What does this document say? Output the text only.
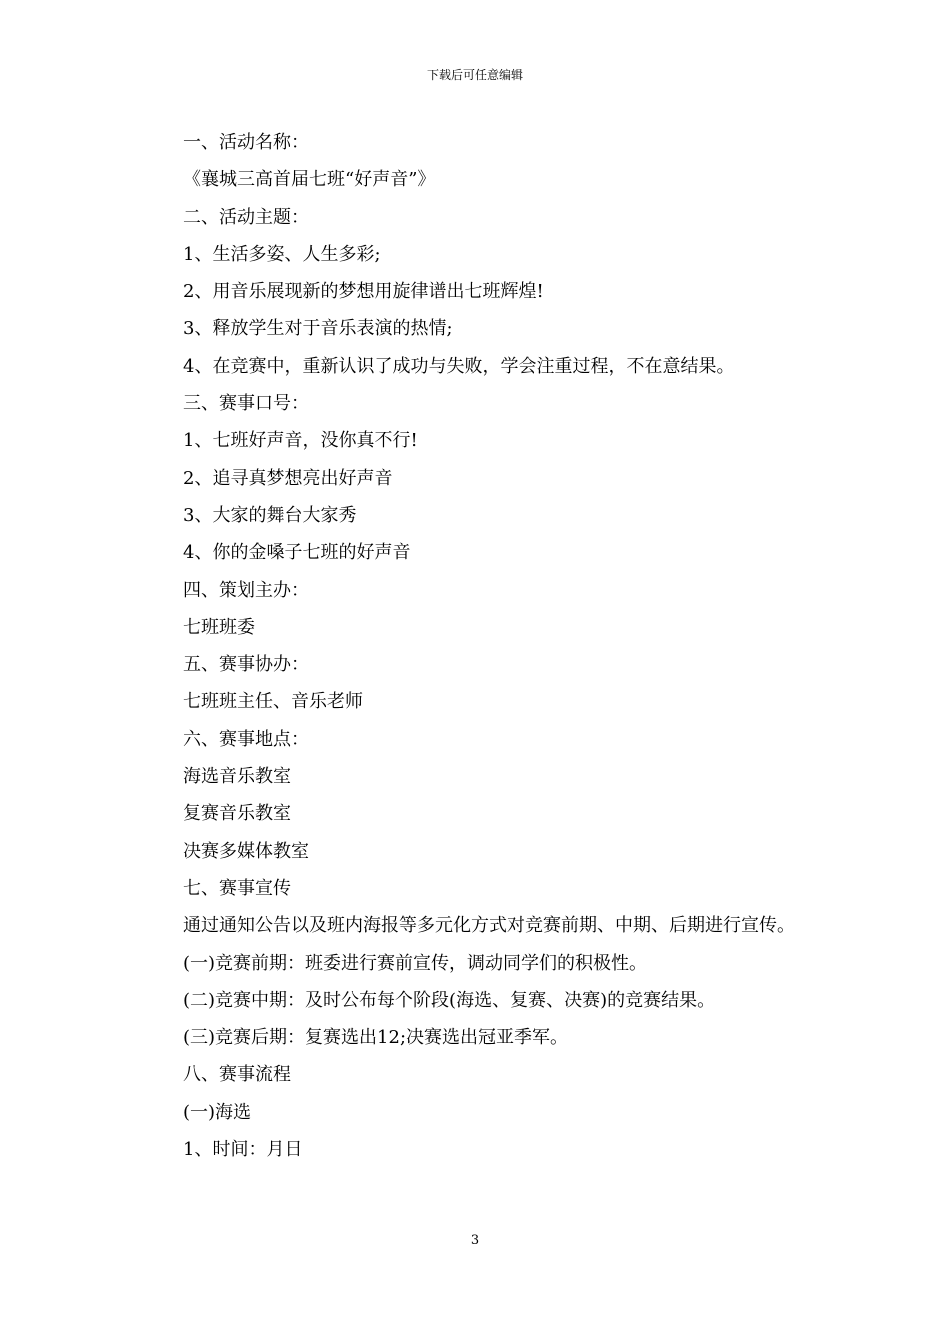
下载后可任意编辑
一、活动名称：
《襄城三高首届七班“好声音”》
二、活动主题：
1、生活多姿、人生多彩;
2、用音乐展现新的梦想用旋律谱出七班辉煌!
3、释放学生对于音乐表演的热情;
4、在竞赛中，重新认识了成功与失败，学会注重过程，不在意结果。
三、赛事口号：
1、七班好声音，没你真不行!
2、追寻真梦想亮出好声音
3、大家的舞台大家秀
4、你的金嗓子七班的好声音
四、策划主办：
七班班委
五、赛事协办：
七班班主任、音乐老师
六、赛事地点：
海选音乐教室
复赛音乐教室
决赛多媒体教室
七、赛事宣传

通过通知公告以及班内海报等多元化方式对竞赛前期、中期、后期进行宣传。

(一)竞赛前期：班委进行赛前宣传，调动同学们的积极性。
(二)竞赛中期：及时公布每个阶段(海选、复赛、决赛)的竞赛结果。
(三)竞赛后期：复赛选出12;决赛选出冠亚季军。
八、赛事流程
(一)海选
1、时间：月日
3
